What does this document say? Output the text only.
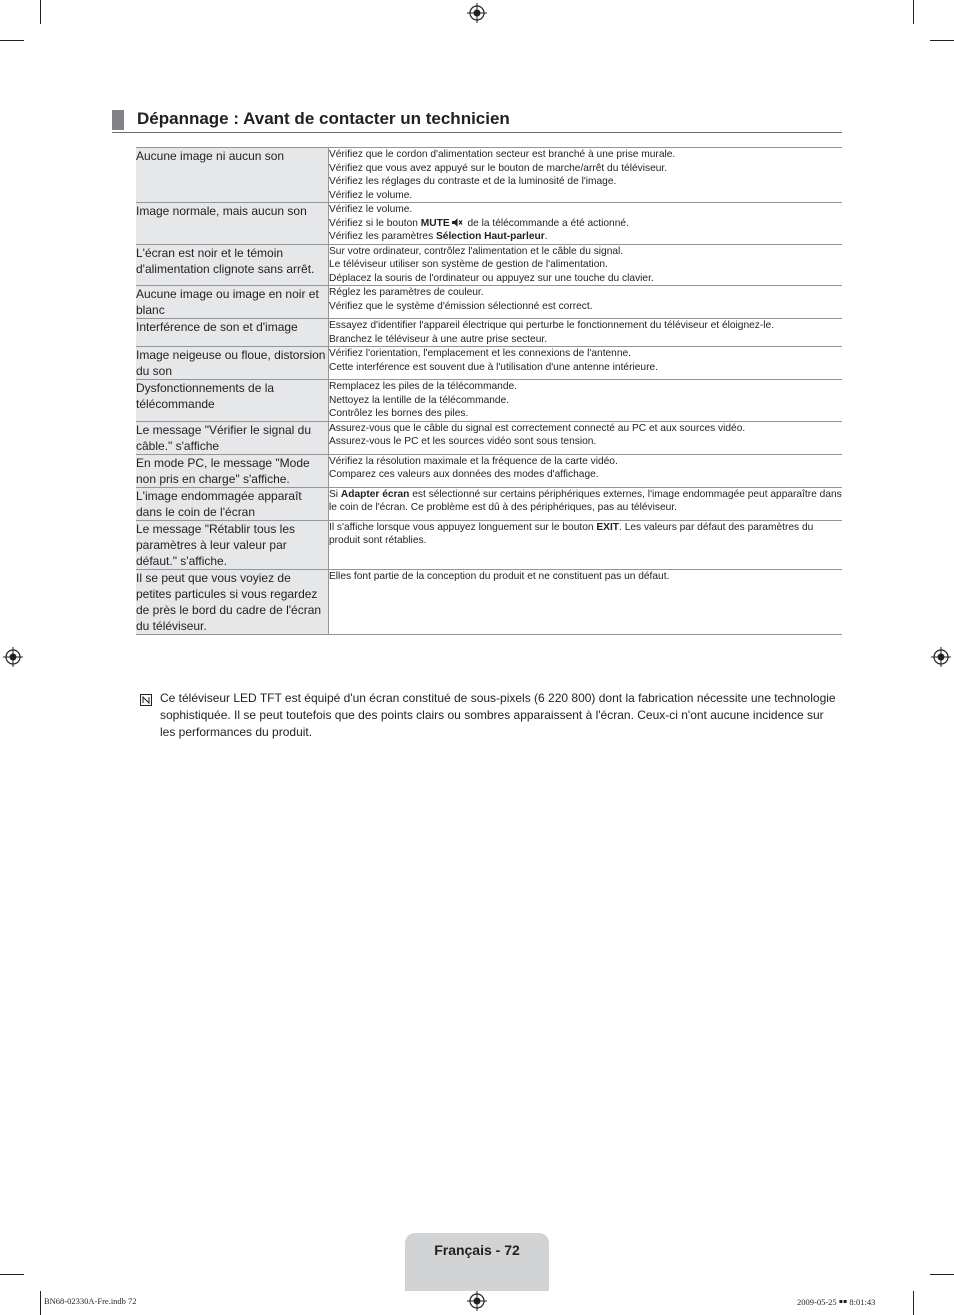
Dépannage : Avant de contacter un technicien
Aucune image ni aucun son	Vérifiez que le cordon d'alimentation secteur est branché à une prise murale.
Vérifiez que vous avez appuyé sur le bouton de marche/arrêt du téléviseur.
Vérifiez les réglages du contraste et de la luminosité de l'image.
Vérifiez le volume.

Image normale, mais aucun son	Vérifiez le volume.
Vérifiez si le bouton MUTE de la télécommande a été actionné.
Vérifiez les paramètres Sélection Haut-parleur.

L'écran est noir et le témoin d'alimentation clignote sans arrêt.	Sur votre ordinateur, contrôlez l'alimentation et le câble du signal.
Le téléviseur utiliser son système de gestion de l'alimentation.
Déplacez la souris de l'ordinateur ou appuyez sur une touche du clavier.

Aucune image ou image en noir et blanc	Réglez les paramètres de couleur.
Vérifiez que le système d'émission sélectionné est correct.

Interférence de son et d'image	Essayez d'identifier l'appareil électrique qui perturbe le fonctionnement du téléviseur et éloignez-le.
Branchez le téléviseur à une autre prise secteur.

Image neigeuse ou floue, distorsion du son	Vérifiez l'orientation, l'emplacement et les connexions de l'antenne.
Cette interférence est souvent due à l'utilisation d'une antenne intérieure.

Dysfonctionnements de la télécommande	Remplacez les piles de la télécommande.
Nettoyez la lentille de la télécommande.
Contrôlez les bornes des piles.

Le message "Vérifier le signal du câble." s'affiche	Assurez-vous que le câble du signal est correctement connecté au PC et aux sources vidéo.
Assurez-vous le PC et les sources vidéo sont sous tension.

En mode PC, le message "Mode non pris en charge" s'affiche.	Vérifiez la résolution maximale et la fréquence de la carte vidéo.
Comparez ces valeurs aux données des modes d'affichage.

L'image endommagée apparaît dans le coin de l'écran	Si Adapter écran est sélectionné sur certains périphériques externes, l'image endommagée peut apparaître dans le coin de l'écran. Ce problème est dû à des périphériques, pas au téléviseur.

Le message "Rétablir tous les paramètres à leur valeur par défaut." s'affiche.	Il s'affiche lorsque vous appuyez longuement sur le bouton EXIT. Les valeurs par défaut des paramètres du produit sont rétablies.

Il se peut que vous voyiez de petites particules si vous regardez de près le bord du cadre de l'écran du téléviseur.	Elles font partie de la conception du produit et ne constituent pas un défaut.
Ce téléviseur LED TFT est équipé d'un écran constitué de sous-pixels (6 220 800) dont la fabrication nécessite une technologie sophistiquée. Il se peut toutefois que des points clairs ou sombres apparaissent à l'écran. Ceux-ci n'ont aucune incidence sur les performances du produit.
Français - 72
BN68-02330A-Fre.indb 72	2009-05-25 ￭￭ 8:01:43
